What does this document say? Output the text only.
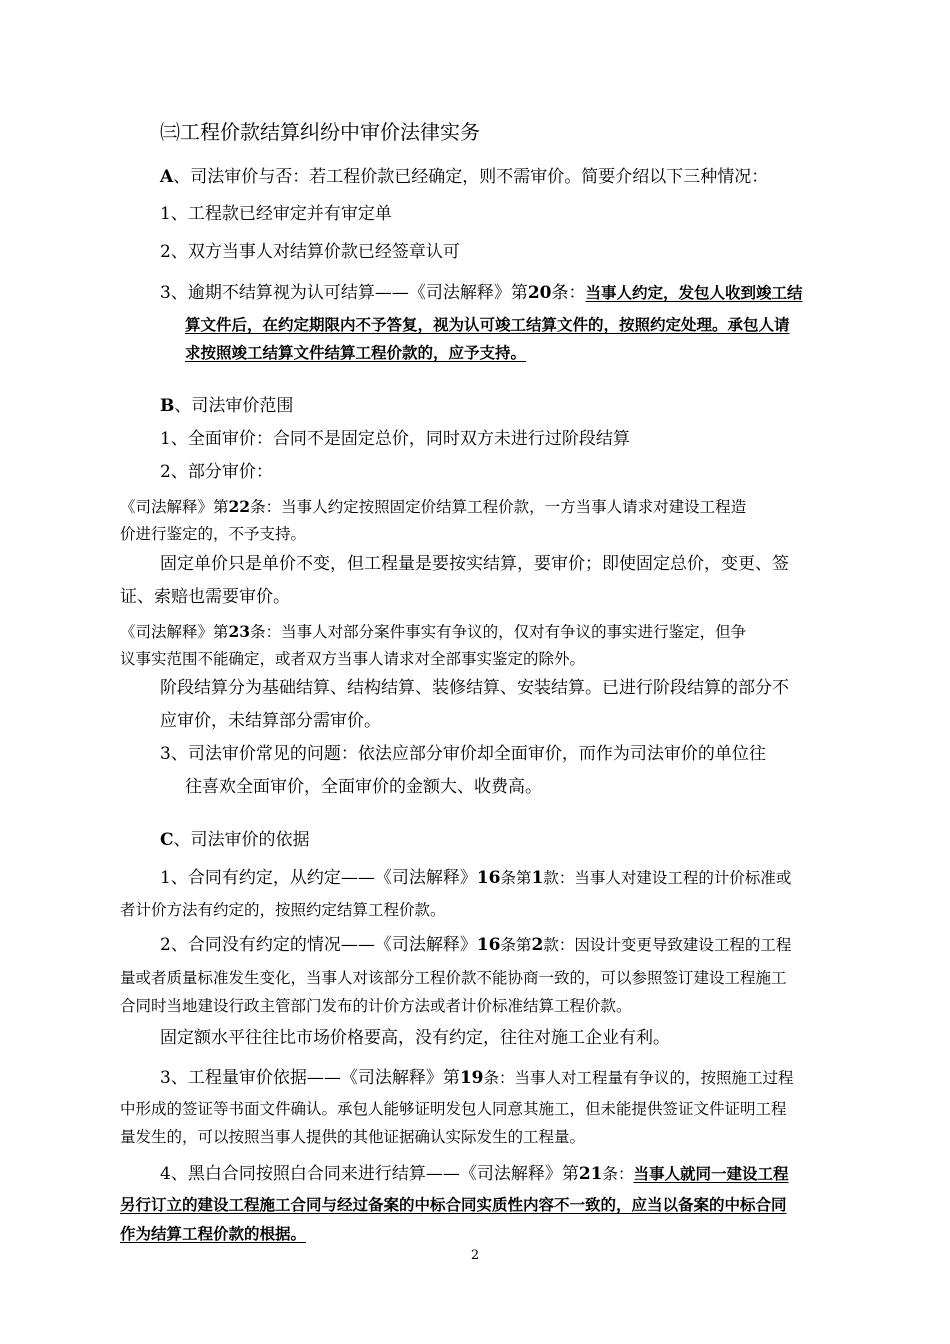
㈢工程价款结算纠纷中审价法律实务
A、司法审价与否：若工程价款已经确定，则不需审价。简要介绍以下三种情况：
1、工程款已经审定并有审定单
2、双方当事人对结算价款已经签章认可
3、逾期不结算视为认可结算——《司法解释》第20条：当事人约定，发包人收到竣工结
算文件后，在约定期限内不予答复，视为认可竣工结算文件的，按照约定处理。承包人请
求按照竣工结算文件结算工程价款的，应予支持。
B、司法审价范围
1、全面审价：合同不是固定总价，同时双方未进行过阶段结算
2、部分审价：
《司法解释》第22条：当事人约定按照固定价结算工程价款，一方当事人请求对建设工程造
价进行鉴定的，不予支持。
固定单价只是单价不变，但工程量是要按实结算，要审价；即使固定总价，变更、签
证、索赔也需要审价。
《司法解释》第23条：当事人对部分案件事实有争议的，仅对有争议的事实进行鉴定，但争
议事实范围不能确定，或者双方当事人请求对全部事实鉴定的除外。
阶段结算分为基础结算、结构结算、装修结算、安装结算。已进行阶段结算的部分不
应审价，未结算部分需审价。
3、司法审价常见的问题：依法应部分审价却全面审价，而作为司法审价的单位往
往喜欢全面审价，全面审价的金额大、收费高。
C、司法审价的依据
1、合同有约定，从约定——《司法解释》16条第1款：当事人对建设工程的计价标准或
者计价方法有约定的，按照约定结算工程价款。
2、合同没有约定的情况——《司法解释》16条第2款：因设计变更导致建设工程的工程
量或者质量标准发生变化，当事人对该部分工程价款不能协商一致的，可以参照签订建设工程施工
合同时当地建设行政主管部门发布的计价方法或者计价标准结算工程价款。
固定额水平往往比市场价格要高，没有约定，往往对施工企业有利。
3、工程量审价依据——《司法解释》第19条：当事人对工程量有争议的，按照施工过程
中形成的签证等书面文件确认。承包人能够证明发包人同意其施工，但未能提供签证文件证明工程
量发生的，可以按照当事人提供的其他证据确认实际发生的工程量。
4、黑白合同按照白合同来进行结算——《司法解释》第21条：当事人就同一建设工程
另行订立的建设工程施工合同与经过备案的中标合同实质性内容不一致的，应当以备案的中标合同
作为结算工程价款的根据。
2
